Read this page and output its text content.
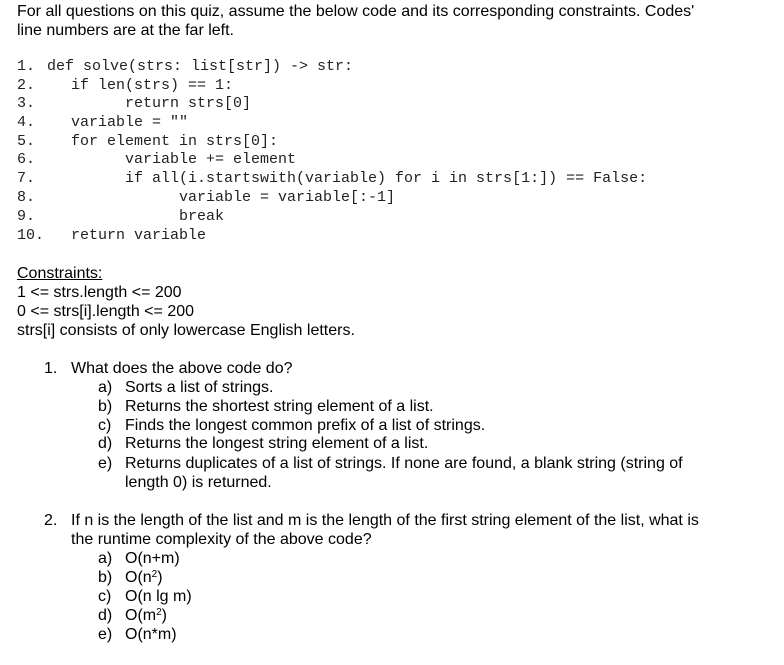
For all questions on this quiz, assume the below code and its corresponding constraints. Codes'
line numbers are at the far left.
1. def solve(strs: list[str]) -> str:
2. if len(strs) == 1:
3.	return strs[0]
4. variable = ""
5. for element in strs[0]:
6.	variable += element
7.	if all(i.startswith(variable) for i in strs[1:]) == False:
8.	variable = variable[:-1]
9.	break
10. return variable
Constraints:
1 <= strs.length <= 200
0 <= strs[i].length <= 200
strs[i] consists of only lowercase English letters.
1. What does the above code do?
a) Sorts a list of strings.
b) Returns the shortest string element of a list.
c) Finds the longest common prefix of a list of strings.
d) Returns the longest string element of a list.
e) Returns duplicates of a list of strings. If none are found, a blank string (string of
length 0) is returned.
2. If n is the length of the list and m is the length of the first string element of the list, what is
the runtime complexity of the above code?
a) O(n+m)
b) $O(n^2)$
c) O(n lg m)
d) $O(m^2)$
e) O(n*m)
